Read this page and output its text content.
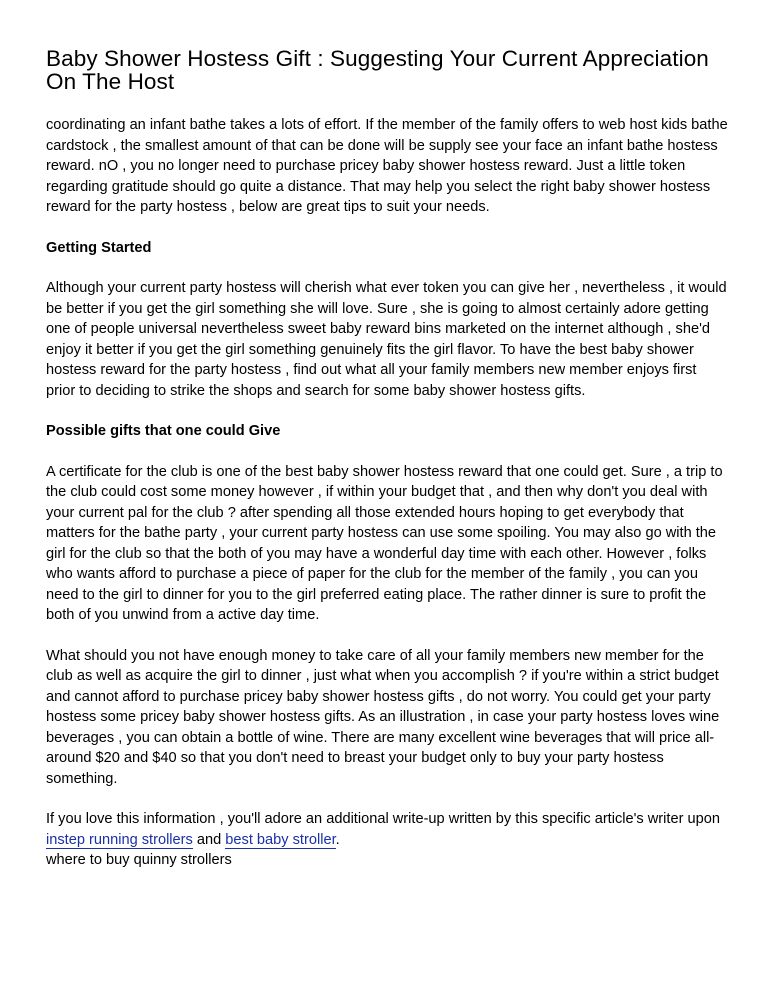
Baby Shower Hostess Gift : Suggesting Your Current Appreciation On The Host

coordinating an infant bathe takes a lots of effort. If the member of the family offers to web host kids bathe cardstock , the smallest amount of that can be done will be supply see your face an infant bathe hostess reward. nO , you no longer need to purchase pricey baby shower hostess reward. Just a little token regarding gratitude should go quite a distance. That may help you select the right baby shower hostess reward for the party hostess , below are great tips to suit your needs.

Getting Started

Although your current party hostess will cherish what ever token you can give her , nevertheless , it would be better if you get the girl something she will love. Sure , she is going to almost certainly adore getting one of people universal nevertheless sweet baby reward bins marketed on the internet although , she'd enjoy it better if you get the girl something genuinely fits the girl flavor. To have the best baby shower hostess reward for the party hostess , find out what all your family members new member enjoys first prior to deciding to strike the shops and search for some baby shower hostess gifts.

Possible gifts that one could Give

A certificate for the club is one of the best baby shower hostess reward that one could get. Sure , a trip to the club could cost some money however , if within your budget that , and then why don't you deal with your current pal for the club ? after spending all those extended hours hoping to get everybody that matters for the bathe party , your current party hostess can use some spoiling. You may also go with the girl for the club so that the both of you may have a wonderful day time with each other. However , folks who wants afford to purchase a piece of paper for the club for the member of the family , you can you need to the girl to dinner for you to the girl preferred eating place. The rather dinner is sure to profit the both of you unwind from a active day time.

What should you not have enough money to take care of all your family members new member for the club as well as acquire the girl to dinner , just what when you accomplish ? if you're within a strict budget and cannot afford to purchase pricey baby shower hostess gifts , do not worry. You could get your party hostess some pricey baby shower hostess gifts. As an illustration , in case your party hostess loves wine beverages , you can obtain a bottle of wine. There are many excellent wine beverages that will price all-around $20 and $40 so that you don't need to breast your budget only to buy your party hostess something.

If you love this information , you'll adore an additional write-up written by this specific article's writer upon instep running strollers and best baby stroller.

where to buy quinny strollers
